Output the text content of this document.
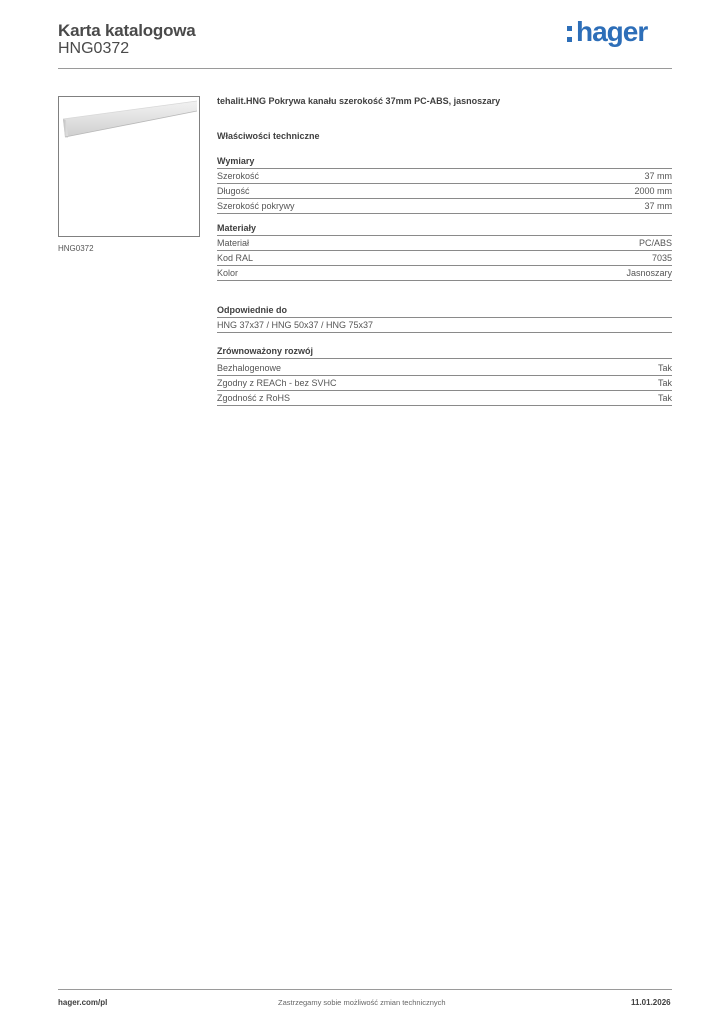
Karta katalogowa
HNG0372
hager
HNG0372
tehalit.HNG Pokrywa kanału szerokość 37mm PC-ABS, jasnoszary
Właściwości techniczne
Wymiary
Szerokość	37 mm
Długość	2000 mm
Szerokość pokrywy	37 mm
Materiały
Materiał	PC/ABS
Kod RAL	7035
Kolor	Jasnoszary
Odpowiednie do
HNG 37x37 / HNG 50x37 / HNG 75x37
Zrównoważony rozwój
Bezhalogenowe	Tak
Zgodny z REACh - bez SVHC	Tak
Zgodność z RoHS	Tak
hager.com/pl	Zastrzegamy sobie możliwość zmian technicznych	11.01.2026
